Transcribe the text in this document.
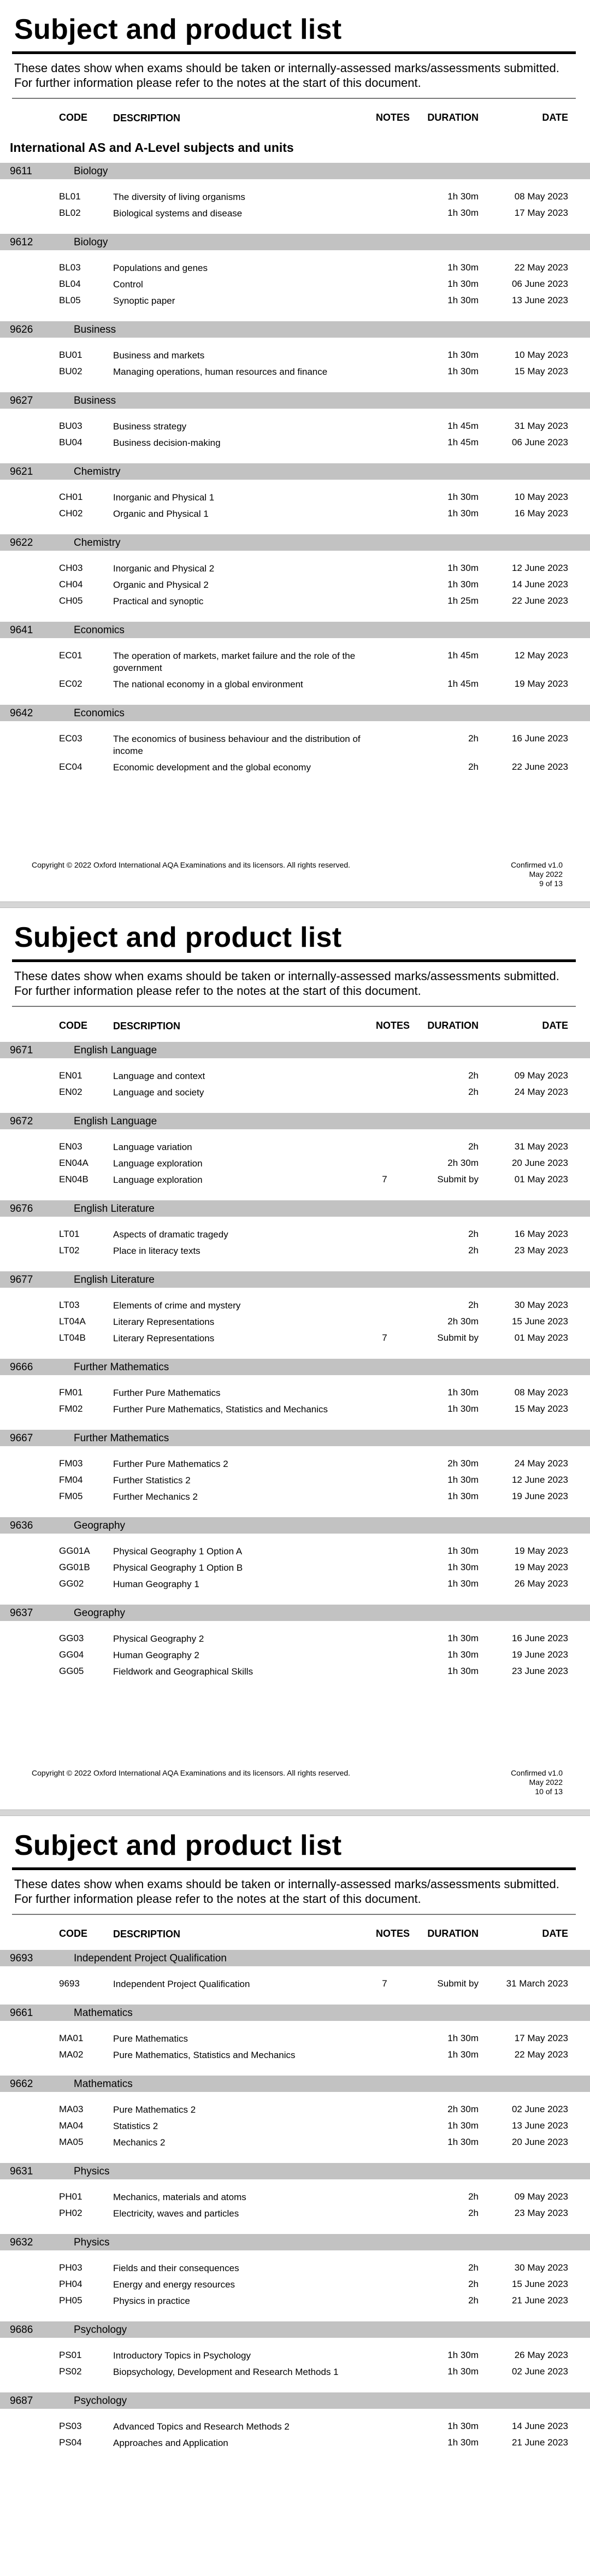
Subject and product list
These dates show when exams should be taken or internally-assessed marks/assessments submitted. For further information please refer to the notes at the start of this document.
CODE	DESCRIPTION	NOTES	DURATION	DATE
International AS and A-Level subjects and units
9611	Biology
BL01	The diversity of living organisms	1h 30m	08 May 2023
BL02	Biological systems and disease	1h 30m	17 May 2023
9612	Biology
BL03	Populations and genes	1h 30m	22 May 2023
BL04	Control	1h 30m	06 June 2023
BL05	Synoptic paper	1h 30m	13 June 2023
9626	Business
BU01	Business and markets	1h 30m	10 May 2023
BU02	Managing operations, human resources and finance	1h 30m	15 May 2023
9627	Business
BU03	Business strategy	1h 45m	31 May 2023
BU04	Business decision-making	1h 45m	06 June 2023
9621	Chemistry
CH01	Inorganic and Physical 1	1h 30m	10 May 2023
CH02	Organic and Physical 1	1h 30m	16 May 2023
9622	Chemistry
CH03	Inorganic and Physical 2	1h 30m	12 June 2023
CH04	Organic and Physical 2	1h 30m	14 June 2023
CH05	Practical and synoptic	1h 25m	22 June 2023
9641	Economics
EC01	The operation of markets, market failure and the role of the government
1h 45m	12 May 2023
EC02	The national economy in a global environment	1h 45m	19 May 2023
9642	Economics
EC03	The economics of business behaviour and the distribution of income
2h	16 June 2023
EC04	Economic development and the global economy	2h	22 June 2023
Copyright © 2022 Oxford International AQA Examinations and its licensors. All rights reserved.	Confirmed v1.0
May 2022
9 of 13
Subject and product list
These dates show when exams should be taken or internally-assessed marks/assessments submitted. For further information please refer to the notes at the start of this document.
CODE	DESCRIPTION	NOTES	DURATION	DATE
9671	English Language
EN01	Language and context	2h	09 May 2023
EN02	Language and society	2h	24 May 2023
9672	English Language
EN03	Language variation	2h	31 May 2023
EN04A	Language exploration	2h 30m	20 June 2023
EN04B	Language exploration	7	Submit by	01 May 2023
9676	English Literature
LT01	Aspects of dramatic tragedy	2h	16 May 2023
LT02	Place in literacy texts	2h	23 May 2023
9677	English Literature
LT03	Elements of crime and mystery	2h	30 May 2023
LT04A	Literary Representations	2h 30m	15 June 2023
LT04B	Literary Representations	7	Submit by	01 May 2023
9666	Further Mathematics
FM01	Further Pure Mathematics	1h 30m	08 May 2023
FM02	Further Pure Mathematics, Statistics and Mechanics	1h 30m	15 May 2023
9667	Further Mathematics
FM03	Further Pure Mathematics 2	2h 30m	24 May 2023
FM04	Further Statistics 2	1h 30m	12 June 2023
FM05	Further Mechanics 2	1h 30m	19 June 2023
9636	Geography
GG01A Physical Geography 1 Option A	1h 30m	19 May 2023
GG01B Physical Geography 1 Option B	1h 30m	19 May 2023
GG02	Human Geography 1	1h 30m	26 May 2023
9637	Geography
GG03	Physical Geography 2	1h 30m	16 June 2023
GG04	Human Geography 2	1h 30m	19 June 2023
GG05	Fieldwork and Geographical Skills	1h 30m	23 June 2023
Copyright © 2022 Oxford International AQA Examinations and its licensors. All rights reserved.	Confirmed v1.0
May 2022
10 of 13
Subject and product list
These dates show when exams should be taken or internally-assessed marks/assessments submitted. For further information please refer to the notes at the start of this document.
CODE	DESCRIPTION	NOTES	DURATION	DATE
9693	Independent Project Qualification
9693	Independent Project Qualification	7	Submit by	31 March 2023
9661	Mathematics
MA01	Pure Mathematics	1h 30m	17 May 2023
MA02	Pure Mathematics, Statistics and Mechanics	1h 30m	22 May 2023
9662	Mathematics
MA03	Pure Mathematics 2	2h 30m	02 June 2023
MA04	Statistics 2	1h 30m	13 June 2023
MA05	Mechanics 2	1h 30m	20 June 2023
9631	Physics
PH01	Mechanics, materials and atoms	2h	09 May 2023
PH02	Electricity, waves and particles	2h	23 May 2023
9632	Physics
PH03	Fields and their consequences	2h	30 May 2023
PH04	Energy and energy resources	2h	15 June 2023
PH05	Physics in practice	2h	21 June 2023
9686	Psychology
PS01	Introductory Topics in Psychology	1h 30m	26 May 2023
PS02	Biopsychology, Development and Research Methods 1	1h 30m	02 June 2023
9687	Psychology
PS03	Advanced Topics and Research Methods 2	1h 30m	14 June 2023
PS04	Approaches and Application	1h 30m	21 June 2023
